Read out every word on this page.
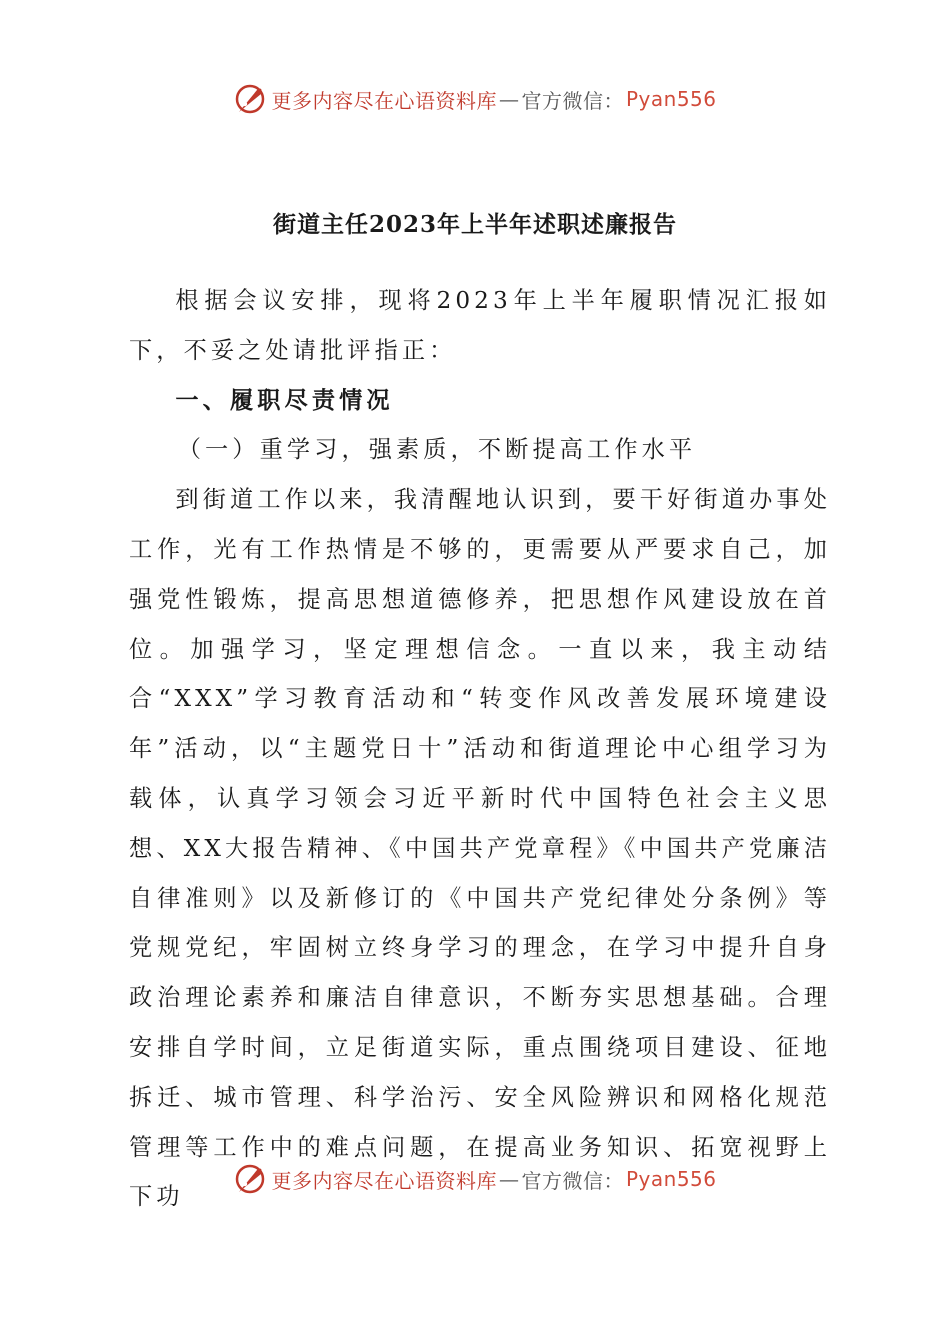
更多内容尽在心语资料库 — 官方微信： Pyan556
街道主任2023年上半年述职述廉报告

根据会议安排，现将2023年上半年履职情况汇报如下，不妥之处请批评指正：

一、履职尽责情况

（一）重学习，强素质，不断提高工作水平

到街道工作以来，我清醒地认识到，要干好街道办事处工作，光有工作热情是不够的，更需要从严要求自己，加强党性锻炼，提高思想道德修养，把思想作风建设放在首位。加强学习，坚定理想信念。一直以来，我主动结合“XXX”学习教育活动和“转变作风改善发展环境建设年”活动，以“主题党日十”活动和街道理论中心组学习为载体，认真学习领会习近平新时代中国特色社会主义思想、XX大报告精神、《中国共产党章程》《中国共产党廉洁自律准则》以及新修订的《中国共产党纪律处分条例》等党规党纪，牢固树立终身学习的理念，在学习中提升自身政治理论素养和廉洁自律意识，不断夯实思想基础。合理安排自学时间，立足街道实际，重点围绕项目建设、征地拆迁、城市管理、科学治污、安全风险辨识和网格化规范管理等工作中的难点问题，在提高业务知识、拓宽视野上下功

更多内容尽在心语资料库 — 官方微信： Pyan556
